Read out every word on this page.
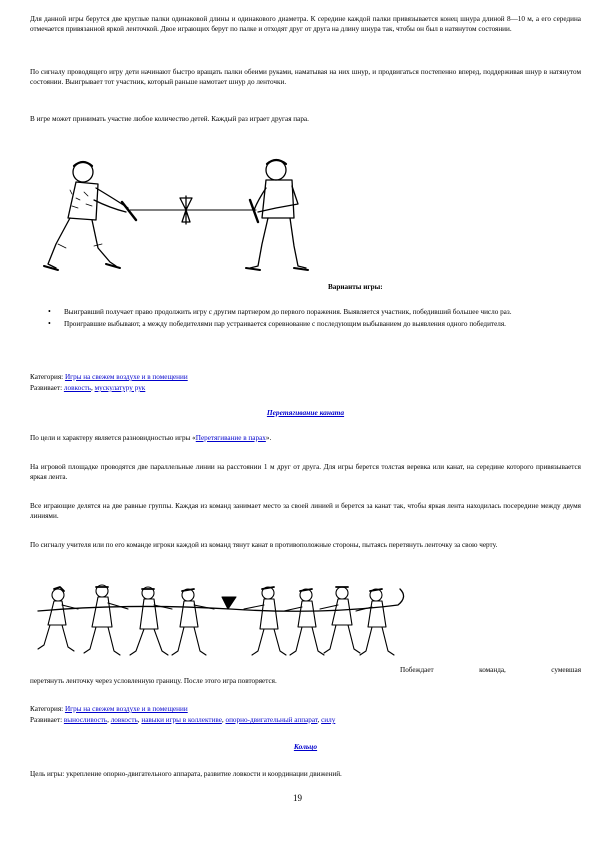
Для данной игры берутся две круглые палки одинаковой длины и одинакового диаметра. К середине каждой палки привязывается конец шнура длиной 8—10 м, а его середина отмечается привязанной яркой ленточкой. Двое играющих берут по палке и отходят друг от друга на длину шнура так, чтобы он был в натянутом состоянии.

По сигналу проводящего игру дети начинают быстро вращать палки обеими руками, наматывая на них шнур, и продвигаться постепенно вперед, поддерживая шнур в натянутом состоянии. Выигрывает тот участник, который раньше намотает шнур до ленточки.

В игре может принимать участие любое количество детей. Каждый раз играет другая пара.

Варианты игры:
• Выигравший получает право продолжить игру с другим партнером до первого поражения. Выявляется участник, победивший большее число раз.
• Проигравшие выбывают, а между победителями пар устраивается соревнование с последующим выбыванием до выявления одного победителя.
Категория: Игры на свежем воздухе и в помещении
Развивает: ловкость, мускулатуру рук
Перетягивание каната

По цели и характеру является разновидностью игры «Перетягивание в парах».

На игровой площадке проводятся две параллельные линии на расстоянии 1 м друг от друга. Для игры берется толстая веревка или канат, на середине которого привязывается яркая лента.

Все играющие делятся на две равные группы. Каждая из команд занимает место за своей линией и берется за канат так, чтобы яркая лента находилась посередине между двумя линиями.

По сигналу учителя или по его команде игроки каждой из команд тянут канат в противоположные стороны, пытаясь перетянуть ленточку за свою черту.

Побеждает команда, сумевшая

перетянуть ленточку через условленную границу. После этого игра повторяется.

Категория: Игры на свежем воздухе и в помещении
Развивает: выносливость, ловкость, навыки игры в коллективе, опорно-двигательный аппарат, силу
Кольцо

Цель игры: укрепление опорно-двигательного аппарата, развитие ловкости и координации движений.

19
